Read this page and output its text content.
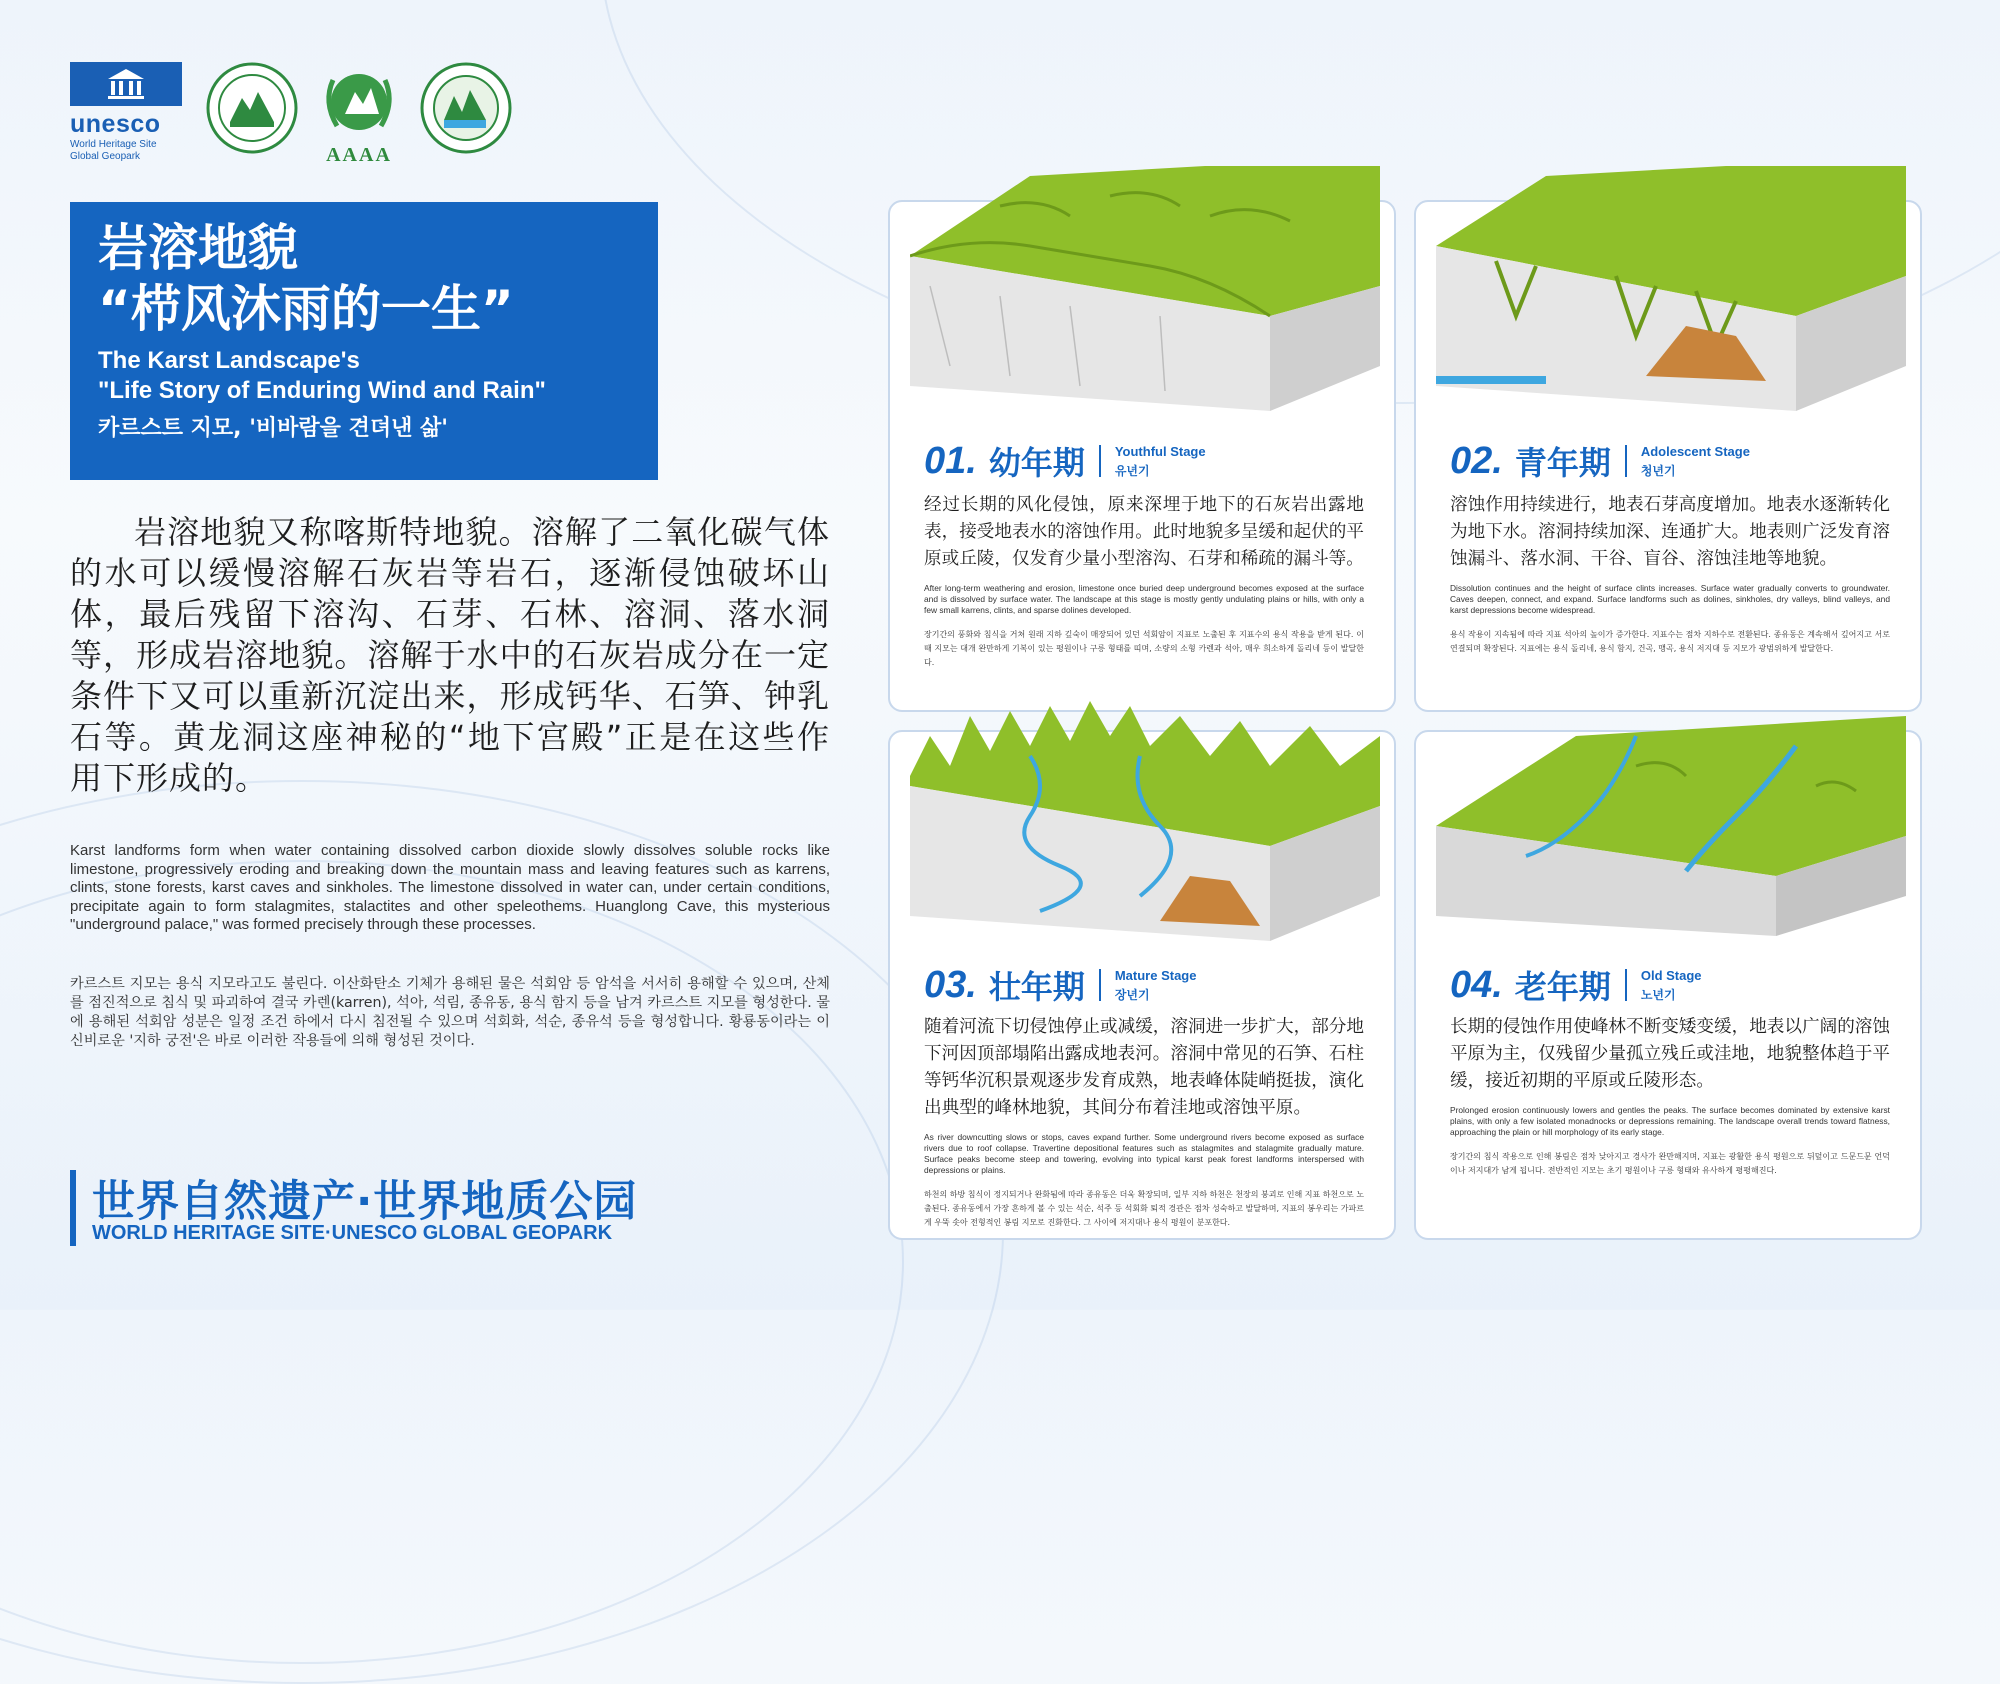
unesco
World Heritage Site
Global Geopark	AAAA
岩溶地貌
“栉风沐雨的一生”
The Karst Landscape's
"Life Story of Enduring Wind and Rain"
카르스트 지모, '비바람을 견뎌낸 삶'

岩溶地貌又称喀斯特地貌。溶解了二氧化碳气体的水可以缓慢溶解石灰岩等岩石，逐渐侵蚀破坏山体，最后残留下溶沟、石芽、石林、溶洞、落水洞等，形成岩溶地貌。溶解于水中的石灰岩成分在一定条件下又可以重新沉淀出来，形成钙华、石笋、钟乳石等。黄龙洞这座神秘的“地下宫殿”正是在这些作用下形成的。

Karst landforms form when water containing dissolved carbon dioxide slowly dissolves soluble rocks like limestone, progressively eroding and breaking down the mountain mass and leaving features such as karrens, clints, stone forests, karst caves and sinkholes. The limestone dissolved in water can, under certain conditions, precipitate again to form stalagmites, stalactites and other speleothems. Huanglong Cave, this mysterious "underground palace," was formed precisely through these processes.
카르스트 지모는 용식 지모라고도 불린다. 이산화탄소 기체가 용해된 물은 석회암 등 암석을 서서히 용해할 수 있으며, 산체를 점진적으로 침식 및 파괴하여 결국 카렌(karren), 석아, 석림, 종유동, 용식 함지 등을 남겨 카르스트 지모를 형성한다. 물에 용해된 석회암 성분은 일정 조건 하에서 다시 침전될 수 있으며 석회화, 석순, 종유석 등을 형성합니다. 황룡동이라는 이 신비로운 '지하 궁전'은 바로 이러한 작용들에 의해 형성된 것이다.
世界自然遗产·世界地质公园
WORLD HERITAGE SITE·UNESCO GLOBAL GEOPARK
01. 幼年期 Youthful Stage
유년기
经过长期的风化侵蚀，原来深埋于地下的石灰岩出露地表，接受地表水的溶蚀作用。此时地貌多呈缓和起伏的平原或丘陵，仅发育少量小型溶沟、石芽和稀疏的漏斗等。
After long-term weathering and erosion, limestone once buried deep underground becomes exposed at the surface and is dissolved by surface water. The landscape at this stage is mostly gently undulating plains or hills, with only a few small karrens, clints, and sparse dolines developed.
장기간의 풍화와 침식을 거쳐 원래 지하 깊숙이 매장되어 있던 석회암이 지표로 노출된 후 지표수의 용식 작용을 받게 된다. 이때 지모는 대개 완만하게 기복이 있는 평원이나 구릉 형태를 띠며, 소량의 소형 카렌과 석아, 매우 희소하게 돌리네 등이 발달한다.
02. 青年期 Adolescent Stage
청년기
溶蚀作用持续进行，地表石芽高度增加。地表水逐渐转化为地下水。溶洞持续加深、连通扩大。地表则广泛发育溶蚀漏斗、落水洞、干谷、盲谷、溶蚀洼地等地貌。
Dissolution continues and the height of surface clints increases. Surface water gradually converts to groundwater. Caves deepen, connect, and expand. Surface landforms such as dolines, sinkholes, dry valleys, blind valleys, and karst depressions become widespread.
용식 작용이 지속됨에 따라 지표 석아의 높이가 증가한다. 지표수는 점차 지하수로 전환된다. 종유동은 계속해서 깊어지고 서로 연결되며 확장된다. 지표에는 용식 돌리네, 용식 함지, 건곡, 맹곡, 용식 저지대 등 지모가 광범위하게 발달한다.
03. 壮年期 Mature Stage
장년기
随着河流下切侵蚀停止或减缓，溶洞进一步扩大，部分地下河因顶部塌陷出露成地表河。溶洞中常见的石笋、石柱等钙华沉积景观逐步发育成熟，地表峰体陡峭挺拔，演化出典型的峰林地貌，其间分布着洼地或溶蚀平原。
As river downcutting slows or stops, caves expand further. Some underground rivers become exposed as surface rivers due to roof collapse. Travertine depositional features such as stalagmites and stalagmite gradually mature. Surface peaks become steep and towering, evolving into typical karst peak forest landforms interspersed with depressions or plains.
하천의 하방 침식이 정지되거나 완화됨에 따라 종유동은 더욱 확장되며, 일부 지하 하천은 천장의 붕괴로 인해 지표 하천으로 노출된다. 종유동에서 가장 흔하게 볼 수 있는 석순, 석주 등 석회화 퇴적 경관은 점차 성숙하고 발달하며, 지표의 봉우리는 가파르게 우뚝 솟아 전형적인 봉림 지모로 진화한다. 그 사이에 저지대나 용식 평원이 분포한다.
04. 老年期 Old Stage
노년기
长期的侵蚀作用使峰林不断变矮变缓，地表以广阔的溶蚀平原为主，仅残留少量孤立残丘或洼地，地貌整体趋于平缓，接近初期的平原或丘陵形态。
Prolonged erosion continuously lowers and gentles the peaks. The surface becomes dominated by extensive karst plains, with only a few isolated monadnocks or depressions remaining. The landscape overall trends toward flatness, approaching the plain or hill morphology of its early stage.
장기간의 침식 작용으로 인해 봉림은 점차 낮아지고 경사가 완만해지며, 지표는 광활한 용식 평원으로 뒤덮이고 드문드문 언덕이나 저지대가 남게 됩니다. 전반적인 지모는 초기 평원이나 구릉 형태와 유사하게 평평해진다.
